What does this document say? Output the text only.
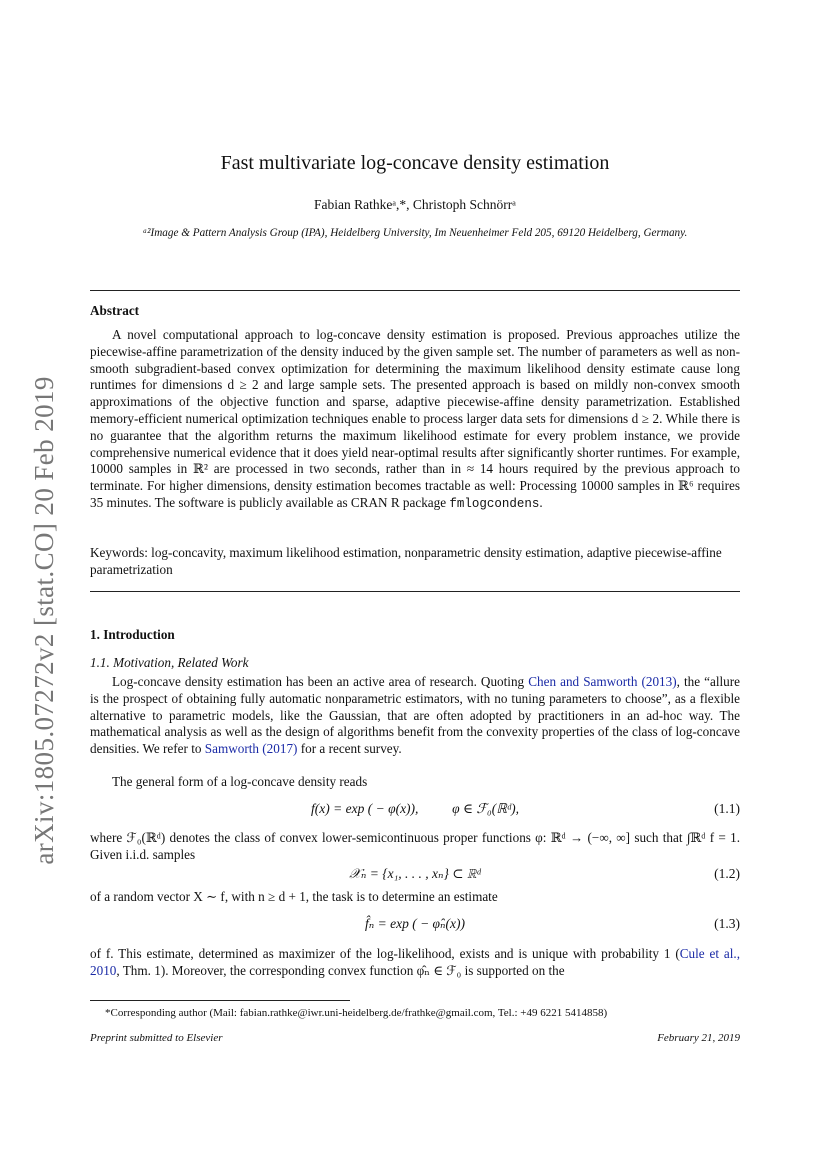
arXiv:1805.07272v2 [stat.CO] 20 Feb 2019
Fast multivariate log-concave density estimation
Fabian Rathkeᵃ,*, Christoph Schnörrᵃ
ᵃ²Image & Pattern Analysis Group (IPA), Heidelberg University, Im Neuenheimer Feld 205, 69120 Heidelberg, Germany.
Abstract

A novel computational approach to log-concave density estimation is proposed. Previous approaches utilize the piecewise-affine parametrization of the density induced by the given sample set. The number of parameters as well as non-smooth subgradient-based convex optimization for determining the maximum likelihood density estimate cause long runtimes for dimensions d ≥ 2 and large sample sets. The presented approach is based on mildly non-convex smooth approximations of the objective function and sparse, adaptive piecewise-affine density parametrization. Established memory-efficient numerical optimization techniques enable to process larger data sets for dimensions d ≥ 2. While there is no guarantee that the algorithm returns the maximum likelihood estimate for every problem instance, we provide comprehensive numerical evidence that it does yield near-optimal results after significantly shorter runtimes. For example, 10000 samples in ℝ² are processed in two seconds, rather than in ≈ 14 hours required by the previous approach to terminate. For higher dimensions, density estimation becomes tractable as well: Processing 10000 samples in ℝ⁶ requires 35 minutes. The software is publicly available as CRAN R package fmlogcondens.

Keywords: log-concavity, maximum likelihood estimation, nonparametric density estimation, adaptive piecewise-affine parametrization

1. Introduction
1.1. Motivation, Related Work

Log-concave density estimation has been an active area of research. Quoting Chen and Samworth (2013), the “allure is the prospect of obtaining fully automatic nonparametric estimators, with no tuning parameters to choose”, as a flexible alternative to parametric models, like the Gaussian, that are often adopted by practitioners in an ad-hoc way. The mathematical analysis as well as the design of algorithms benefit from the convexity properties of the class of log-concave densities. We refer to Samworth (2017) for a recent survey.

The general form of a log-concave density reads

f(x) = exp ( − φ(x)),          φ ∈ ℱ₀(ℝᵈ),	(1.1)

where ℱ₀(ℝᵈ) denotes the class of convex lower-semicontinuous proper functions φ: ℝᵈ → (−∞, ∞] such that ∫ℝᵈ f = 1. Given i.i.d. samples

𝒳ₙ = {x₁, . . . , xₙ} ⊂ ℝᵈ	(1.2)

of a random vector X ∼ f, with n ≥ d + 1, the task is to determine an estimate

f̂ₙ = exp ( − φ̂ₙ(x))	(1.3)

of f. This estimate, determined as maximizer of the log-likelihood, exists and is unique with probability 1 (Cule et al., 2010, Thm. 1). Moreover, the corresponding convex function φ̂ₙ ∈ ℱ₀ is supported on the

*Corresponding author (Mail: fabian.rathke@iwr.uni-heidelberg.de/frathke@gmail.com, Tel.: +49 6221 5414858)
Preprint submitted to Elsevier	February 21, 2019
